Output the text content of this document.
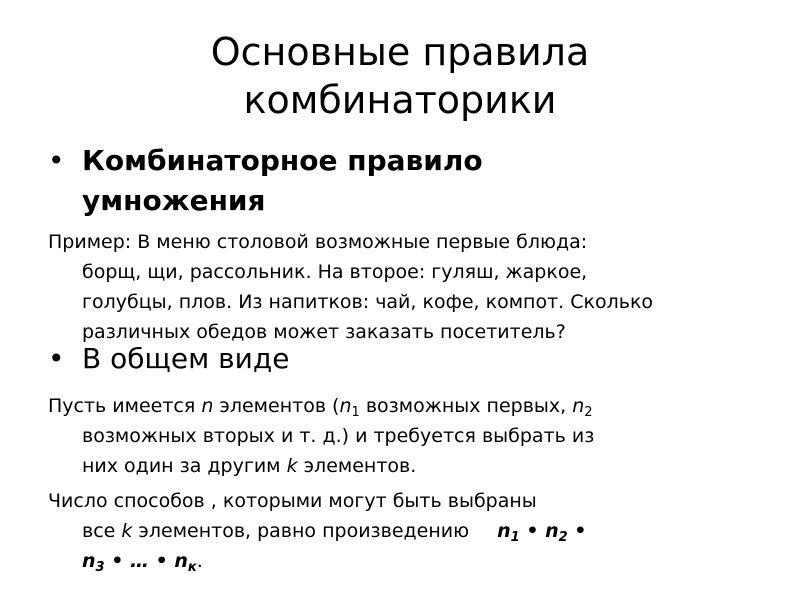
Основные правила
комбинаторики
• Комбинаторное правило
умножения
Пример: В меню столовой возможные первые блюда:
борщ, щи, рассольник. На второе: гуляш, жаркое,
голубцы, плов. Из напитков: чай, кофе, компот. Сколько
различных обедов может заказать посетитель?
• В общем виде
Пусть имеется n элементов ($n_1$ возможных первых, $n_2$
возможных вторых и т. д.) и требуется выбрать из
них один за другим k элементов.
Число способов , которыми могут быть выбраны
все k элементов, равно произведению $n_1$ • $n_2$ •
$n_3$ • … • $n_к$.
